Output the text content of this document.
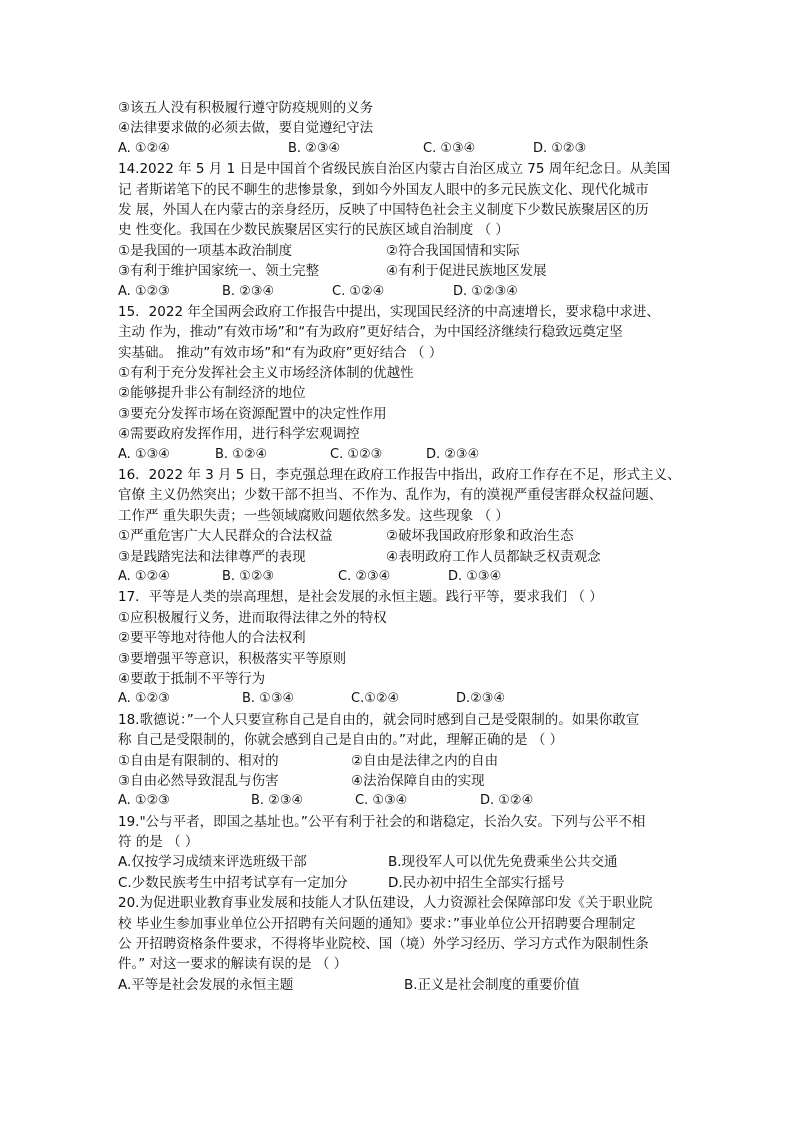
③该五人没有积极履行遵守防疫规则的义务
④法律要求做的必须去做，要自觉遵纪守法
A. ①②④	B. ②③④	C. ①③④	D. ①②③
14.2022 年 5 月 1 日是中国首个省级民族自治区内蒙古自治区成立 75 周年纪念日。从美国
记 者斯诺笔下的民不聊生的悲惨景象，到如今外国友人眼中的多元民族文化、现代化城市
发 展，外国人在内蒙古的亲身经历，反映了中国特色社会主义制度下少数民族聚居区的历
史 性变化。我国在少数民族聚居区实行的民族区域自治制度 （ ）
①是我国的一项基本政治制度	②符合我国国情和实际
③有利于维护国家统一、领土完整	④有利于促进民族地区发展
A. ①②③	B. ②③④	C. ①②④	D. ①②③④
15．2022 年全国两会政府工作报告中提出，实现国民经济的中高速增长，要求稳中求进、
主动 作为，推动”有效市场”和“有为政府”更好结合，为中国经济继续行稳致远奠定坚
实基础。 推动”有效市场”和“有为政府”更好结合 （ ）
①有利于充分发挥社会主义市场经济体制的优越性
②能够提升非公有制经济的地位
③要充分发挥市场在资源配置中的决定性作用
④需要政府发挥作用，进行科学宏观调控
A. ①③④	B. ①②④	C. ①②③	D. ②③④
16．2022 年 3 月 5 日，李克强总理在政府工作报告中指出，政府工作存在不足，形式主义、
官僚 主义仍然突出；少数干部不担当、不作为、乱作为，有的漠视严重侵害群众权益问题、
工作严 重失职失责；一些领域腐败问题依然多发。这些现象 （ ）
①严重危害广大人民群众的合法权益	②破坏我国政府形象和政治生态
③是践踏宪法和法律尊严的表现	④表明政府工作人员都缺乏权责观念
A. ①②④	B. ①②③	C. ②③④	D. ①③④
17．平等是人类的崇高理想，是社会发展的永恒主题。践行平等，要求我们 （ ）
①应积极履行义务，进而取得法律之外的特权
②要平等地对待他人的合法权利
③要增强平等意识，积极落实平等原则
④要敢于抵制不平等行为
A. ①②③	B. ①③④	C.①②④	D.②③④
18.歌德说：”一个人只要宣称自己是自由的，就会同时感到自己是受限制的。如果你敢宣
称 自己是受限制的，你就会感到自己是自由的。”对此，理解正确的是 （ ）
①自由是有限制的、相对的	②自由是法律之内的自由
③自由必然导致混乱与伤害	④法治保障自由的实现
A. ①②③	B. ②③④	C. ①③④	D. ①②④
19."公与平者，即国之基址也。”公平有利于社会的和谐稳定，长治久安。下列与公平不相
符 的是 （ ）
A.仅按学习成绩来评选班级干部	B.现役军人可以优先免费乘坐公共交通
C.少数民族考生中招考试享有一定加分	D.民办初中招生全部实行摇号
20.为促进职业教育事业发展和技能人才队伍建设，人力资源社会保障部印发《关于职业院
校 毕业生参加事业单位公开招聘有关问题的通知》要求：”事业单位公开招聘要合理制定
公 开招聘资格条件要求，不得将毕业院校、国（境）外学习经历、学习方式作为限制性条
件。” 对这一要求的解读有误的是 （ ）
A.平等是社会发展的永恒主题	B.正义是社会制度的重要价值
